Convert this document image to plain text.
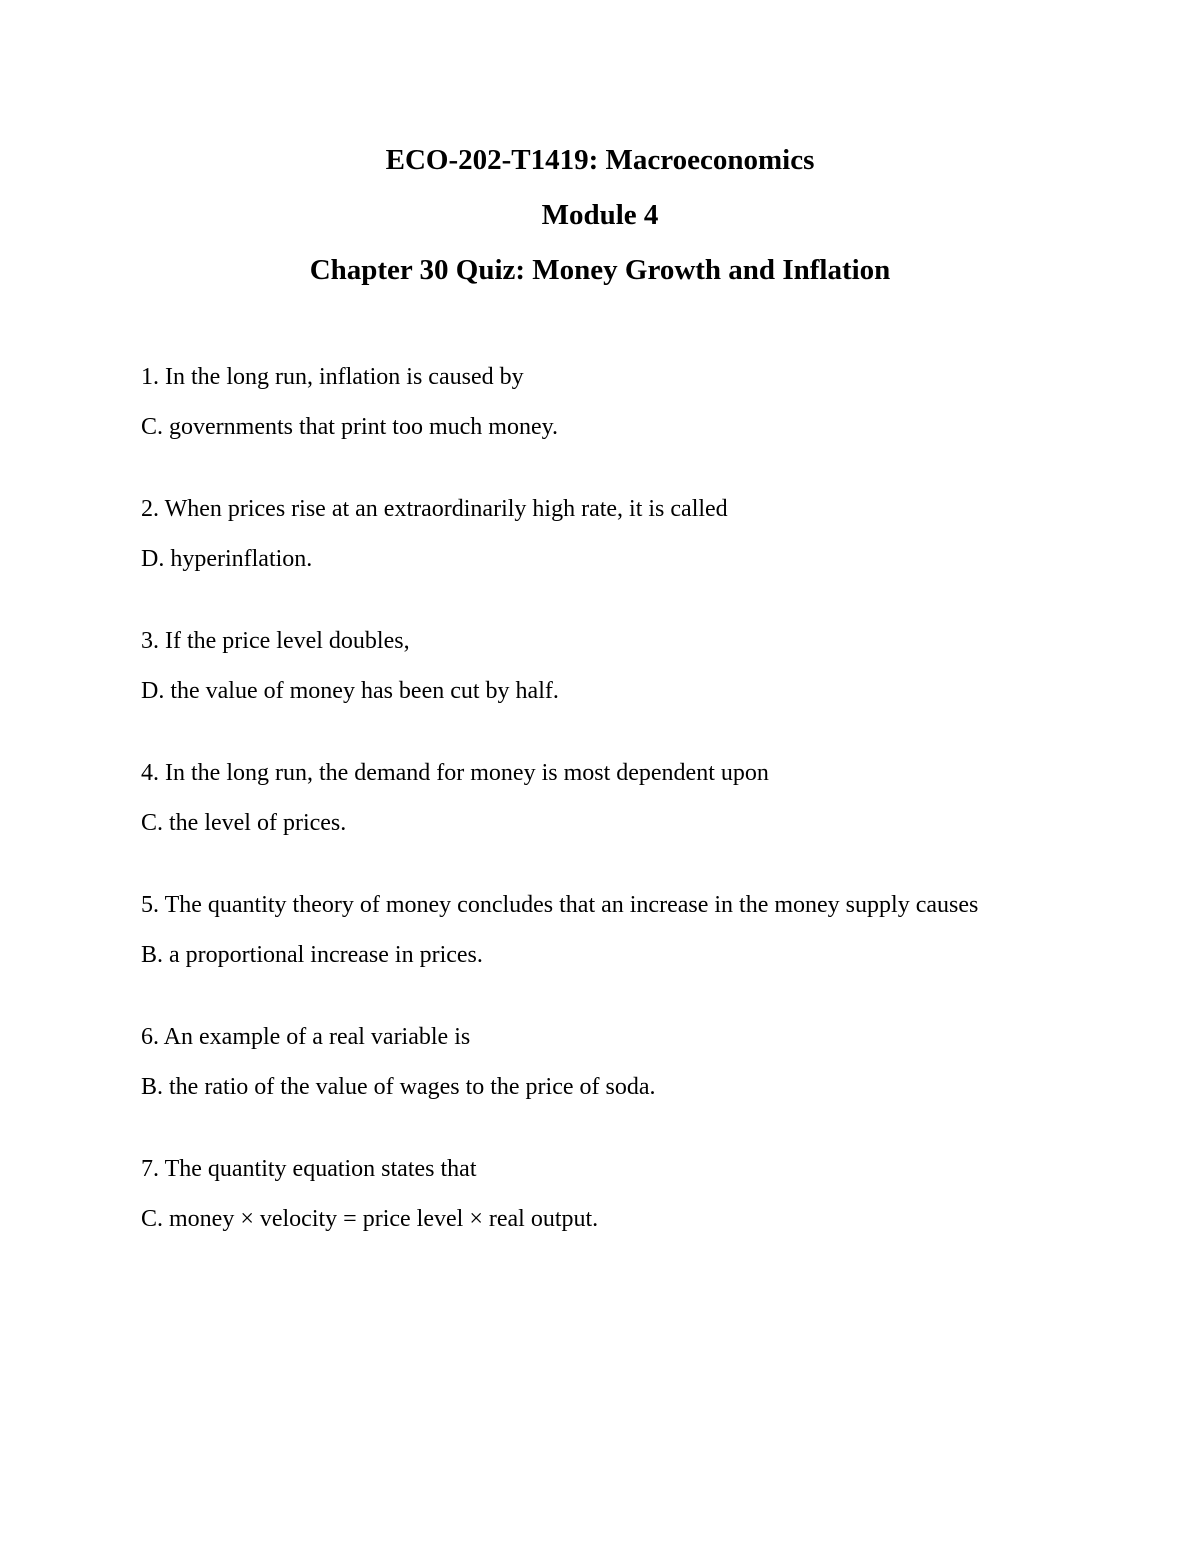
ECO-202-T1419: Macroeconomics
Module 4
Chapter 30 Quiz: Money Growth and Inflation
1. In the long run, inflation is caused by
C. governments that print too much money.
2. When prices rise at an extraordinarily high rate, it is called
D. hyperinflation.
3. If the price level doubles,
D. the value of money has been cut by half.
4. In the long run, the demand for money is most dependent upon
C. the level of prices.
5. The quantity theory of money concludes that an increase in the money supply causes
B. a proportional increase in prices.
6. An example of a real variable is
B. the ratio of the value of wages to the price of soda.
7. The quantity equation states that
C. money × velocity = price level × real output.
